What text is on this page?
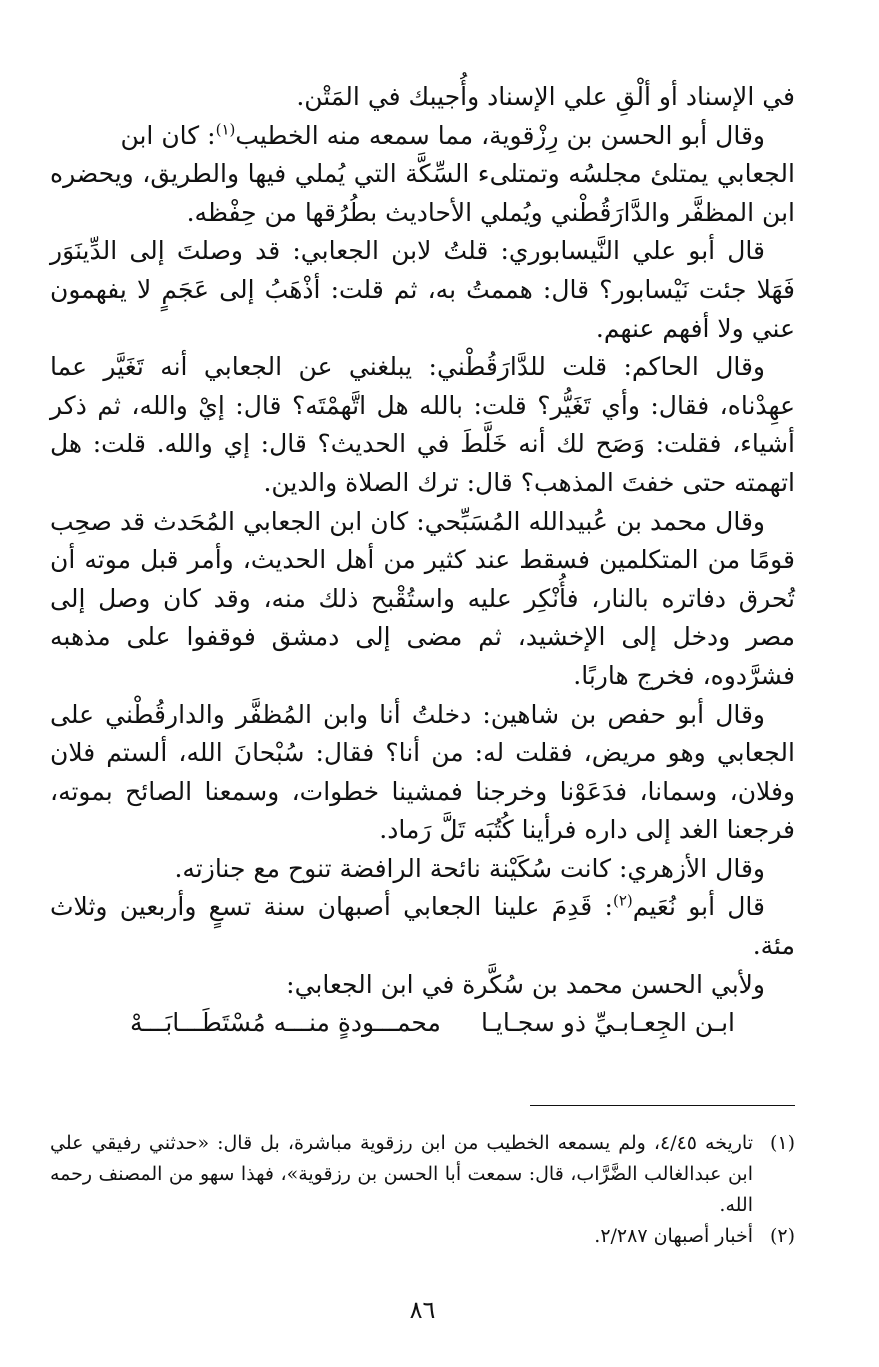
في الإسناد أو ألْقِ علي الإسناد وأُجيبك في المَتْن.

وقال أبو الحسن بن رِزْقوية، مما سمعه منه الخطيب$^{(١)}$: كان ابن

الجعابي يمتلئ مجلسُه وتمتلىء السِّكَّة التي يُملي فيها والطريق، ويحضره ابن المظفَّر والدَّارَقُطْني ويُملي الأحاديث بطُرُقها من حِفْظه.

قال أبو علي النَّيسابوري: قلتُ لابن الجعابي: قد وصلتَ إلى الدِّينَوَر فَهَلا جئت نَيْسابور؟ قال: هممتُ به، ثم قلت: أذْهَبُ إلى عَجَمٍ لا يفهمون عني ولا أفهم عنهم.

وقال الحاكم: قلت للدَّارَقُطْني: يبلغني عن الجعابي أنه تَغَيَّر عما عهِدْناه، فقال: وأي تَغَيُّر؟ قلت: بالله هل اتَّهمْتَه؟ قال: إيْ والله، ثم ذكر أشياء، فقلت: وَصَح لك أنه خَلَّطَ في الحديث؟ قال: إي والله. قلت: هل اتهمته حتى خفتَ المذهب؟ قال: ترك الصلاة والدين.

وقال محمد بن عُبيدالله المُسَبِّحي: كان ابن الجعابي المُحَدث قد صحِب قومًا من المتكلمين فسقط عند كثير من أهل الحديث، وأمر قبل موته أن تُحرق دفاتره بالنار، فأُنْكِر عليه واستُقْبح ذلك منه، وقد كان وصل إلى مصر ودخل إلى الإخشيد، ثم مضى إلى دمشق فوقفوا على مذهبه فشرَّدوه، فخرج هاربًا.

وقال أبو حفص بن شاهين: دخلتُ أنا وابن المُظفَّر والدارقُطْني على الجعابي وهو مريض، فقلت له: من أنا؟ فقال: سُبْحانَ الله، ألستم فلان وفلان، وسمانا، فدَعَوْنا وخرجنا فمشينا خطوات، وسمعنا الصائح بموته، فرجعنا الغد إلى داره فرأينا كُتُبَه تَلَّ رَماد.

وقال الأزهري: كانت سُكَيْنة نائحة الرافضة تنوح مع جنازته.

قال أبو نُعَيم$^{(٢)}$: قَدِمَ علينا الجعابي أصبهان سنة تسعٍ وأربعين وثلاث مئة.

ولأبي الحسن محمد بن سُكَّرة في ابن الجعابي:

ابـن الجِعـابـيِّ ذو سجـايـا
محمـــودةٍ منـــه مُسْتَطَـــابَـــهْ
(١)
تاريخه ٤/٤٥، ولم يسمعه الخطيب من ابن رزقوية مباشرة، بل قال: «حدثني رفيقي علي ابن عبدالغالب الضَّرَّاب، قال: سمعت أبا الحسن بن رزقوية»، فهذا سهو من المصنف رحمه الله.
(٢)
أخبار أصبهان ٢/٢٨٧.
٨٦
